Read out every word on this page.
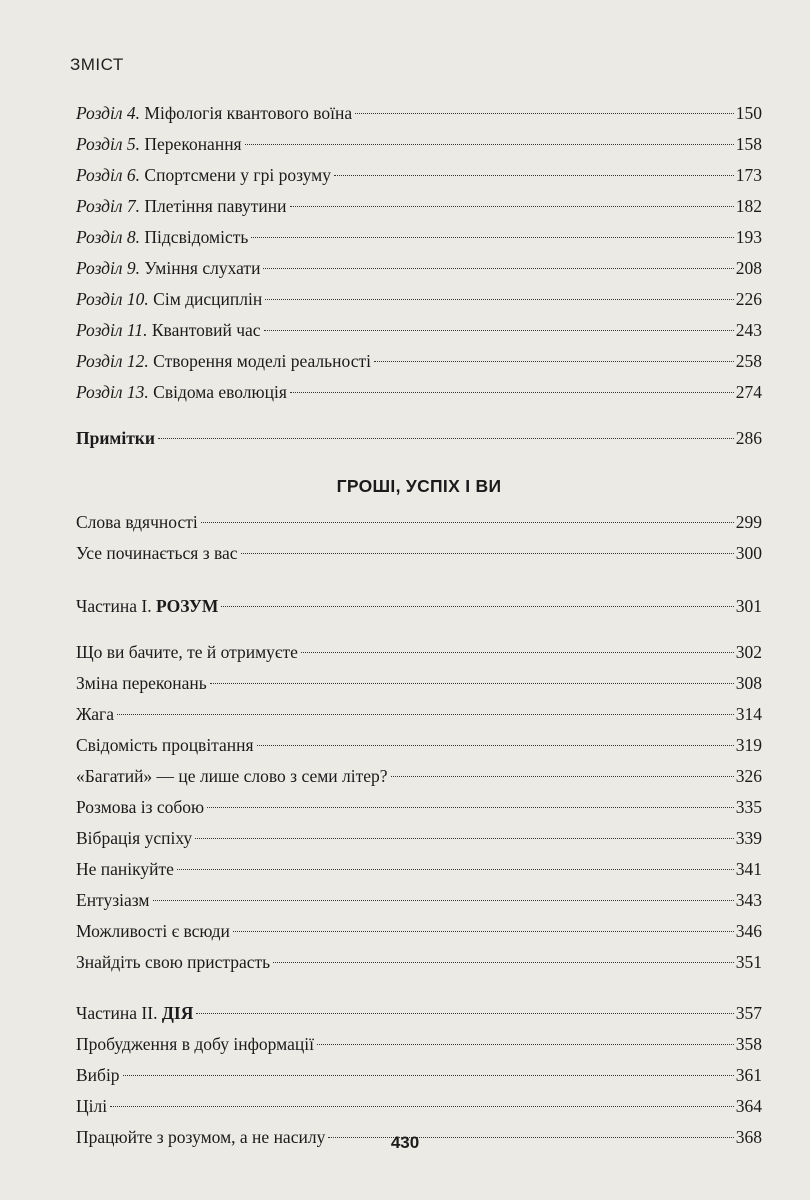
ЗМІСТ
Розділ 4. Міфологія квантового воїна	150
Розділ 5. Переконання	158
Розділ 6. Спортсмени у грі розуму	173
Розділ 7. Плетіння павутини	182
Розділ 8. Підсвідомість	193
Розділ 9. Уміння слухати	208
Розділ 10. Сім дисциплін	226
Розділ 11. Квантовий час	243
Розділ 12. Створення моделі реальності	258
Розділ 13. Свідома еволюція	274
Примітки	286
ГРОШІ, УСПІХ І ВИ
Слова вдячності	299
Усе починається з вас	300
Частина І. РОЗУМ	301
Що ви бачите, те й отримуєте	302
Зміна переконань	308
Жага	314
Свідомість процвітання	319
«Багатий» — це лише слово з семи літер?	326
Розмова із собою	335
Вібрація успіху	339
Не панікуйте	341
Ентузіазм	343
Можливості є всюди	346
Знайдіть свою пристрасть	351
Частина ІІ. ДІЯ	357
Пробудження в добу інформації	358
Вибір	361
Цілі	364
Працюйте з розумом, а не насилу	368
430
